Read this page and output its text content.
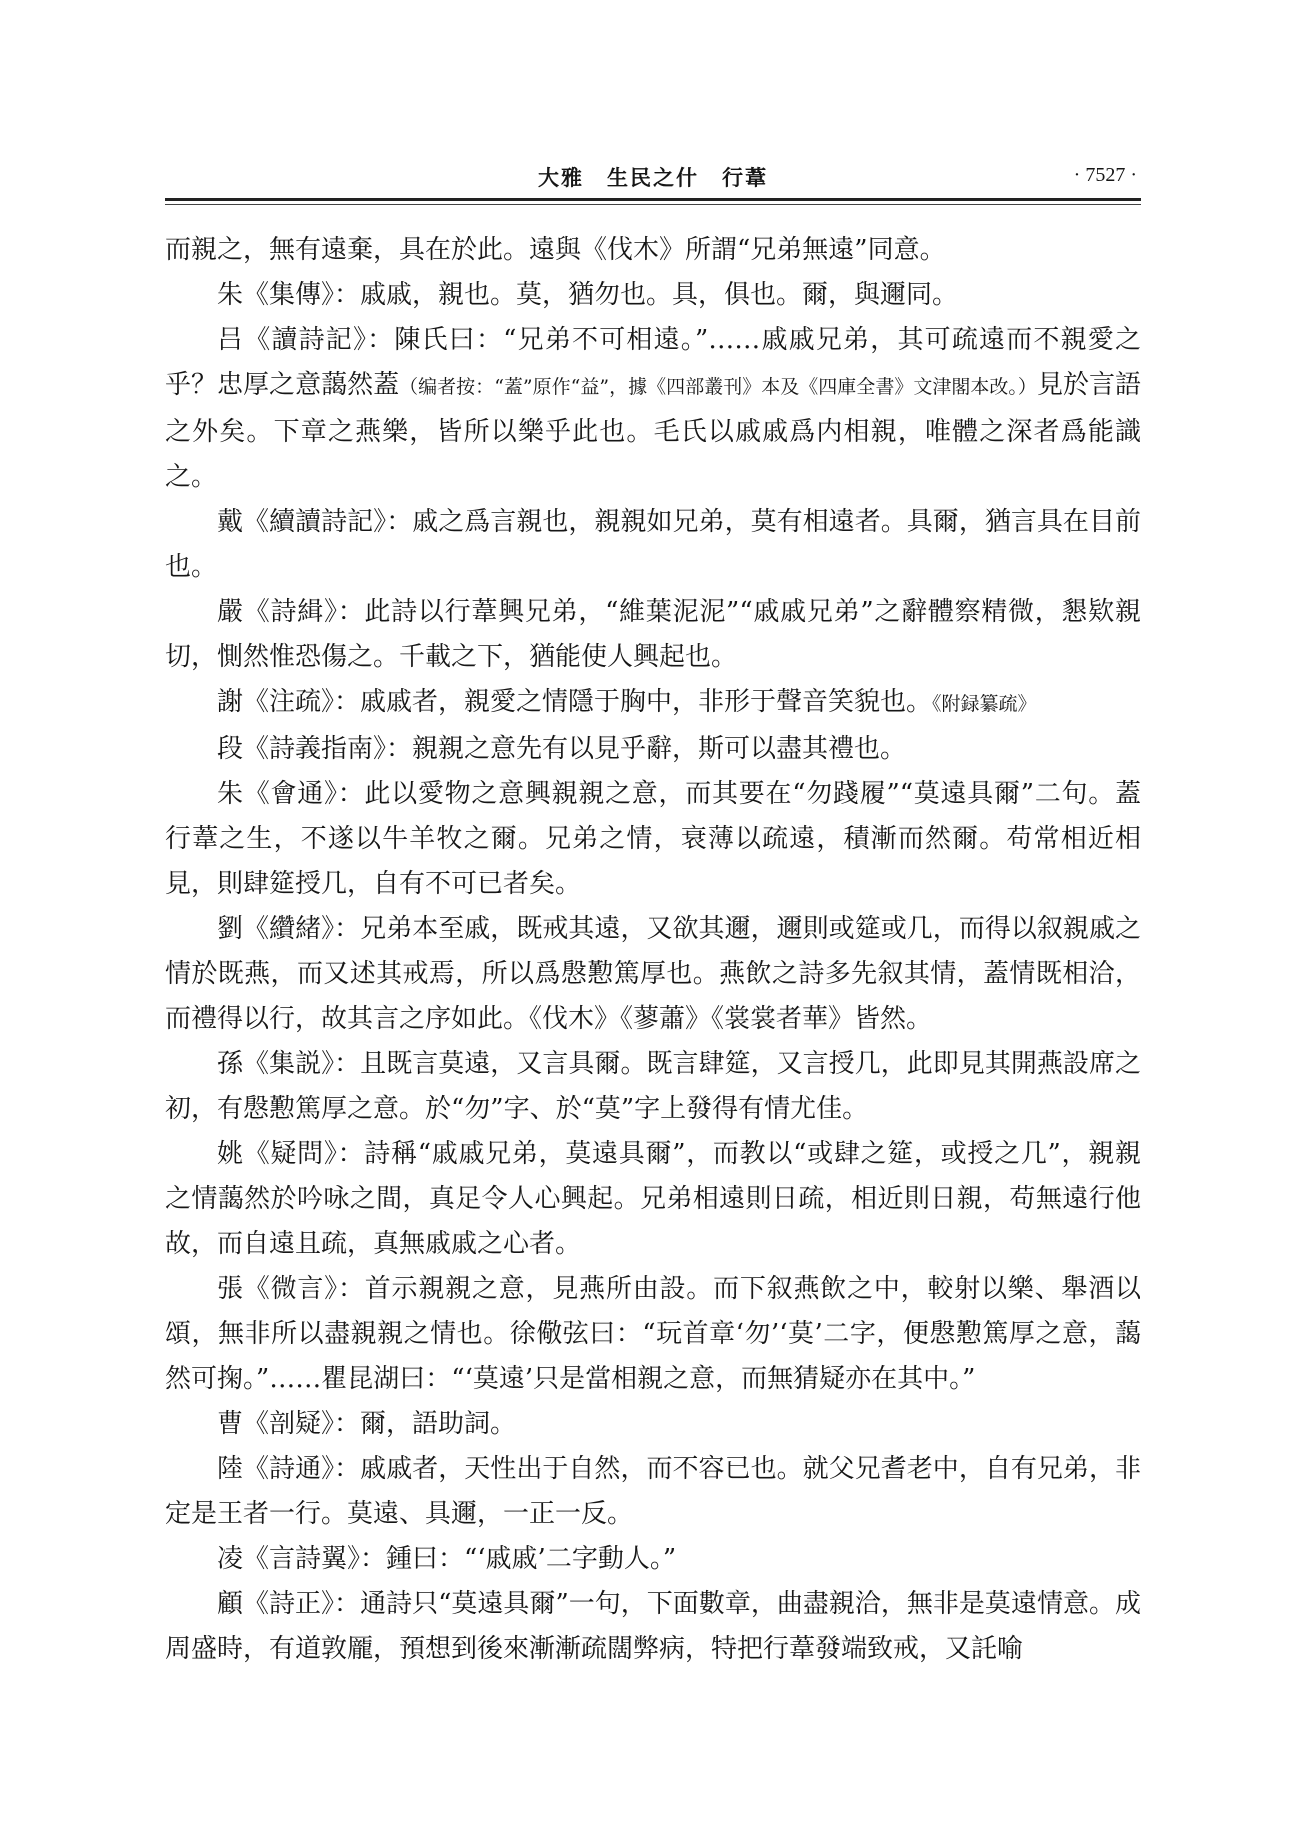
大雅　生民之什　行葦	· 7527 ·

而親之，無有遠棄，具在於此。遠與《伐木》所謂“兄弟無遠”同意。

朱《集傳》：戚戚，親也。莫，猶勿也。具，俱也。爾，與邇同。

吕《讀詩記》：陳氏曰：“兄弟不可相遠。”……戚戚兄弟，其可疏遠而不親愛之乎？忠厚之意藹然蓋（编者按：“蓋”原作“益”，據《四部叢刊》本及《四庫全書》文津閣本改。）見於言語之外矣。下章之燕樂，皆所以樂乎此也。毛氏以戚戚爲内相親，唯體之深者爲能識之。

戴《續讀詩記》：戚之爲言親也，親親如兄弟，莫有相遠者。具爾，猶言具在目前也。

嚴《詩緝》：此詩以行葦興兄弟，“維葉泥泥”“戚戚兄弟”之辭體察精微，懇欵親切，惻然惟恐傷之。千載之下，猶能使人興起也。

謝《注疏》：戚戚者，親愛之情隱于胸中，非形于聲音笑貌也。《附録纂疏》

段《詩義指南》：親親之意先有以見乎辭，斯可以盡其禮也。

朱《會通》：此以愛物之意興親親之意，而其要在“勿踐履”“莫遠具爾”二句。蓋行葦之生，不遂以牛羊牧之爾。兄弟之情，衰薄以疏遠，積漸而然爾。苟常相近相見，則肆筵授几，自有不可已者矣。

劉《纘緒》：兄弟本至戚，既戒其遠，又欲其邇，邇則或筵或几，而得以叙親戚之情於既燕，而又述其戒焉，所以爲慇懃篤厚也。燕飲之詩多先叙其情，蓋情既相洽，而禮得以行，故其言之序如此。《伐木》《蓼蕭》《裳裳者華》皆然。

孫《集説》：且既言莫遠，又言具爾。既言肆筵，又言授几，此即見其開燕設席之初，有慇懃篤厚之意。於“勿”字、於“莫”字上發得有情尤佳。

姚《疑問》：詩稱“戚戚兄弟，莫遠具爾”，而教以“或肆之筵，或授之几”，親親之情藹然於吟咏之間，真足令人心興起。兄弟相遠則日疏，相近則日親，苟無遠行他故，而自遠且疏，真無戚戚之心者。

張《微言》：首示親親之意，見燕所由設。而下叙燕飲之中，較射以樂、舉酒以頌，無非所以盡親親之情也。徐儆弦曰：“玩首章‘勿’‘莫’二字，便慇懃篤厚之意，藹然可掬。”……瞿昆湖曰：“‘莫遠’只是當相親之意，而無猜疑亦在其中。”

曹《剖疑》：爾，語助詞。

陸《詩通》：戚戚者，天性出于自然，而不容已也。就父兄耆老中，自有兄弟，非定是王者一行。莫遠、具邇，一正一反。

凌《言詩翼》：鍾曰：“‘戚戚’二字動人。”

顧《詩正》：通詩只“莫遠具爾”一句，下面數章，曲盡親洽，無非是莫遠情意。成周盛時，有道敦龎，預想到後來漸漸疏闊弊病，特把行葦發端致戒，又託喻
